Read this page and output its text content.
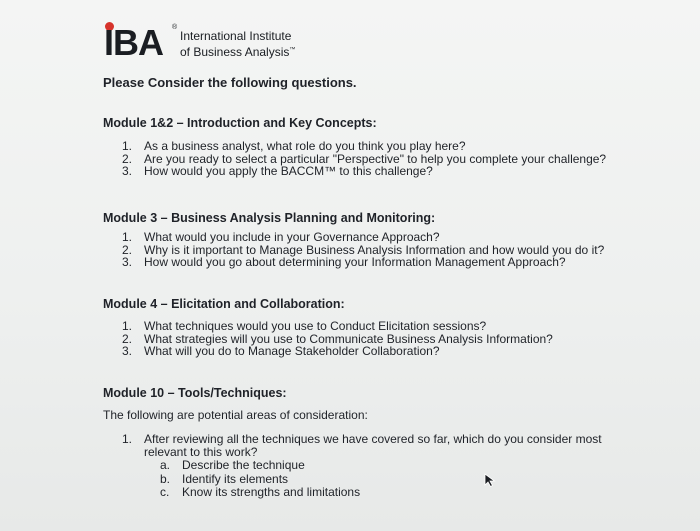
IBA ®
International Institute
of Business Analysis™
Please Consider the following questions.
Module 1&2 – Introduction and Key Concepts:
1. As a business analyst, what role do you think you play here?
2. Are you ready to select a particular "Perspective" to help you complete your challenge?
3. How would you apply the BACCM™ to this challenge?
Module 3 – Business Analysis Planning and Monitoring:
1. What would you include in your Governance Approach?
2. Why is it important to Manage Business Analysis Information and how would you do it?
3. How would you go about determining your Information Management Approach?
Module 4 – Elicitation and Collaboration:
1. What techniques would you use to Conduct Elicitation sessions?
2. What strategies will you use to Communicate Business Analysis Information?
3. What will you do to Manage Stakeholder Collaboration?
Module 10 – Tools/Techniques:
The following are potential areas of consideration:
1. After reviewing all the techniques we have covered so far, which do you consider most relevant to this work?
a. Describe the technique
b. Identify its elements
c.	Know its strengths and limitations
